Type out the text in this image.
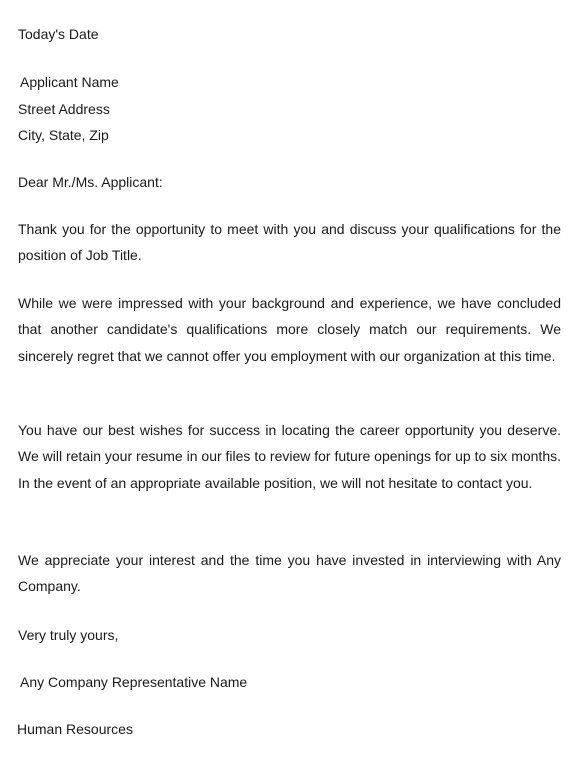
Today's Date
Applicant Name
Street Address
City, State, Zip
Dear Mr./Ms. Applicant:
Thank you for the opportunity to meet with you and discuss your qualifications for the position of Job Title.
While we were impressed with your background and experience, we have concluded that another candidate's qualifications more closely match our requirements. We sincerely regret that we cannot offer you employment with our organization at this time.
You have our best wishes for success in locating the career opportunity you deserve. We will retain your resume in our files to review for future openings for up to six months. In the event of an appropriate available position, we will not hesitate to contact you.
We appreciate your interest and the time you have invested in interviewing with Any Company.
Very truly yours,
Any Company Representative Name
Human Resources
